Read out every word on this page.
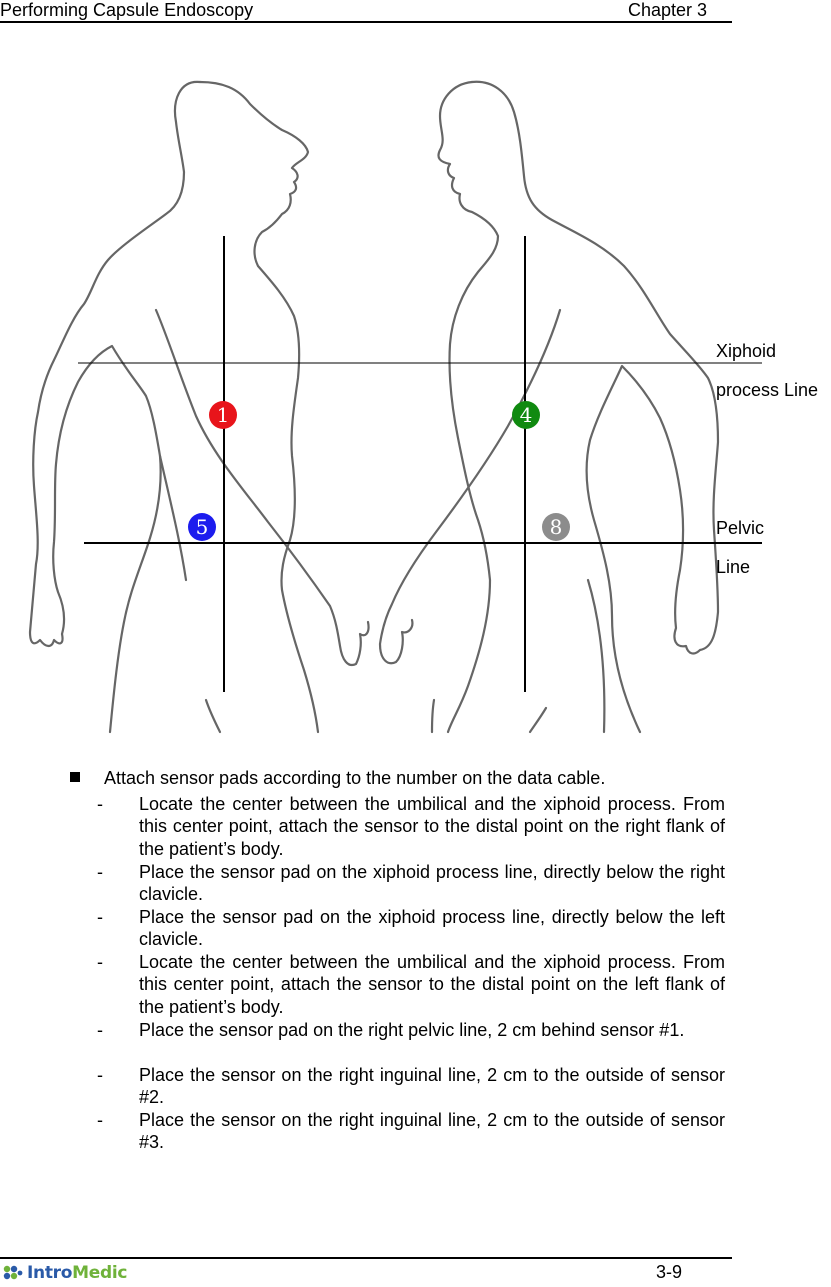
Performing Capsule Endoscopy	Chapter 3
Xiphoid
process Line
Pelvic
Line
1	4
5	8
Attach sensor pads according to the number on the data cable.
- Locate the center between the umbilical and the xiphoid process. From this center point, attach the sensor to the distal point on the right flank of the patient’s body.
- Place the sensor pad on the xiphoid process line, directly below the right clavicle.
- Place the sensor pad on the xiphoid process line, directly below the left clavicle.
- Locate the center between the umbilical and the xiphoid process. From this center point, attach the sensor to the distal point on the left flank of the patient’s body.
- Place the sensor pad on the right pelvic line, 2 cm behind sensor #1.
- Place the sensor on the right inguinal line, 2 cm to the outside of sensor #2.
- Place the sensor on the right inguinal line, 2 cm to the outside of sensor #3.
IntroMedic	3-9
